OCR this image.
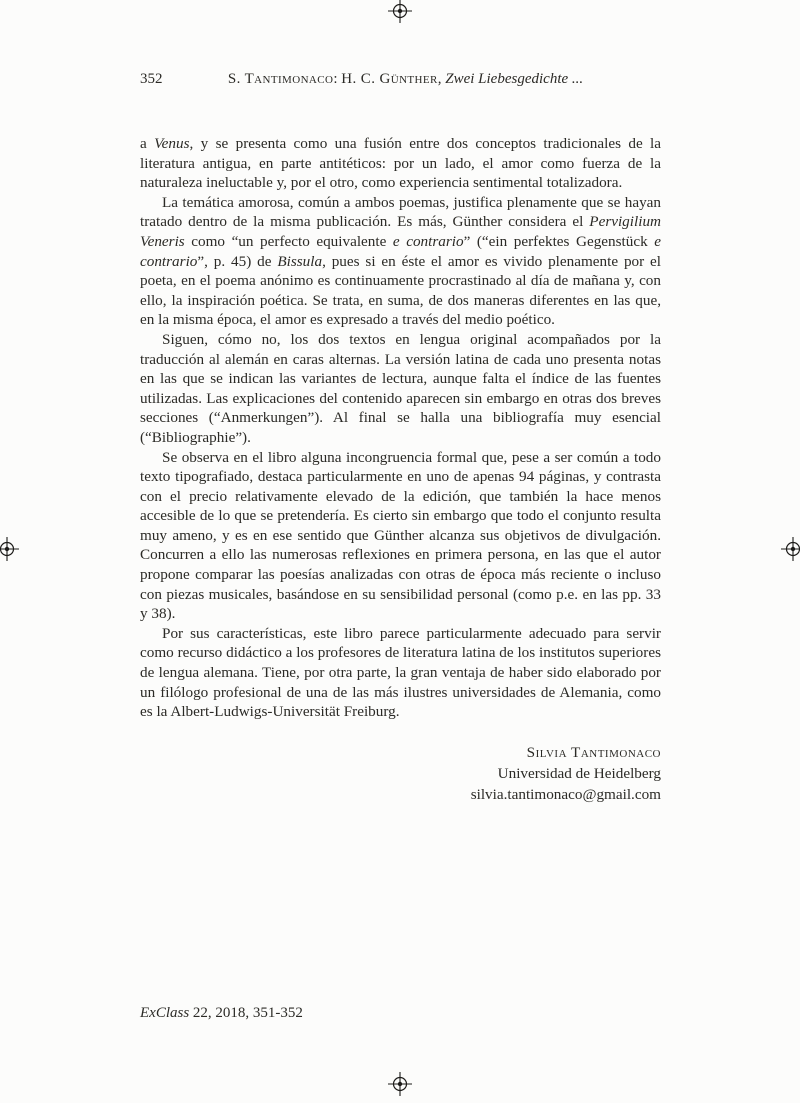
352	S. Tantimonaco: H. C. Günther, Zwei Liebesgedichte ...

a Venus, y se presenta como una fusión entre dos conceptos tradicionales de la literatura antigua, en parte antitéticos: por un lado, el amor como fuerza de la naturaleza ineluctable y, por el otro, como experiencia sentimental totalizadora.

La temática amorosa, común a ambos poemas, justifica plenamente que se hayan tratado dentro de la misma publicación. Es más, Günther considera el Pervigilium Veneris como “un perfecto equivalente e contrario” (“ein perfektes Gegenstück e contrario”, p. 45) de Bissula, pues si en éste el amor es vivido plenamente por el poeta, en el poema anónimo es continuamente procrastinado al día de mañana y, con ello, la inspiración poética. Se trata, en suma, de dos maneras diferentes en las que, en la misma época, el amor es expresado a través del medio poético.

Siguen, cómo no, los dos textos en lengua original acompañados por la traducción al alemán en caras alternas. La versión latina de cada uno presenta notas en las que se indican las variantes de lectura, aunque falta el índice de las fuentes utilizadas. Las explicaciones del contenido aparecen sin embargo en otras dos breves secciones (“Anmerkungen”). Al final se halla una bibliografía muy esencial (“Bibliographie”).

Se observa en el libro alguna incongruencia formal que, pese a ser común a todo texto tipografiado, destaca particularmente en uno de apenas 94 páginas, y contrasta con el precio relativamente elevado de la edición, que también la hace menos accesible de lo que se pretendería. Es cierto sin embargo que todo el conjunto resulta muy ameno, y es en ese sentido que Günther alcanza sus objetivos de divulgación. Concurren a ello las numerosas reflexiones en primera persona, en las que el autor propone comparar las poesías analizadas con otras de época más reciente o incluso con piezas musicales, basándose en su sensibilidad personal (como p.e. en las pp. 33 y 38).

Por sus características, este libro parece particularmente adecuado para servir como recurso didáctico a los profesores de literatura latina de los institutos superiores de lengua alemana. Tiene, por otra parte, la gran ventaja de haber sido elaborado por un filólogo profesional de una de las más ilustres universidades de Alemania, como es la Albert-Ludwigs-Universität Freiburg.

Silvia Tantimonaco
Universidad de Heidelberg
silvia.tantimonaco@gmail.com
ExClass 22, 2018, 351-352
